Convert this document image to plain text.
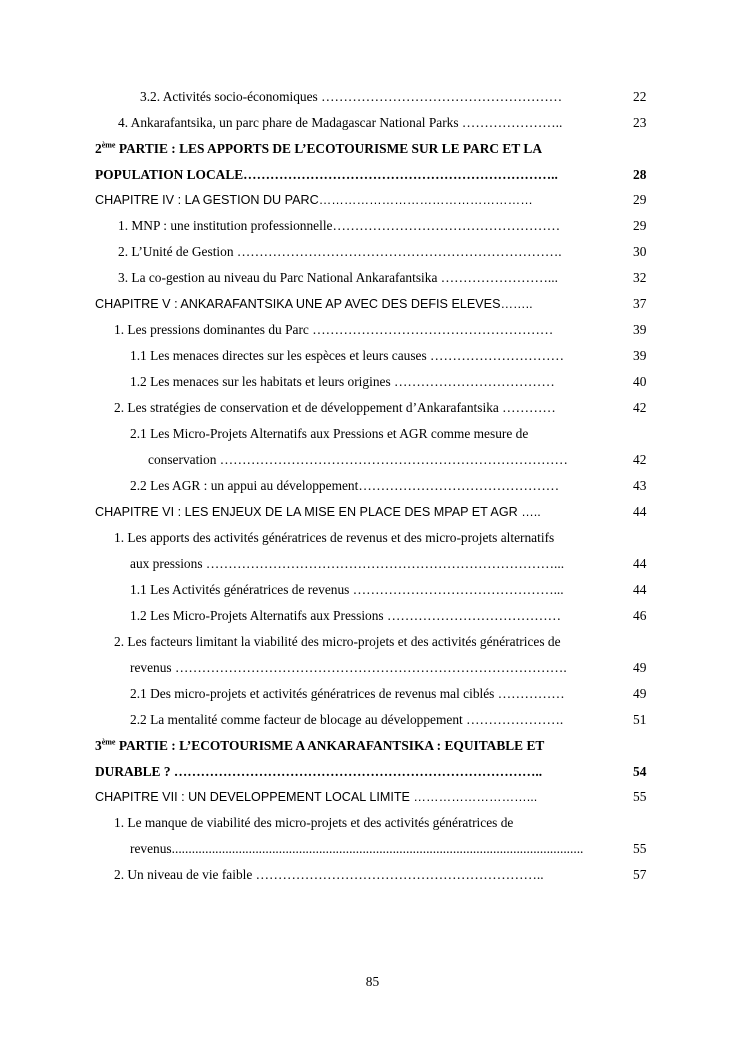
3.2. Activités socio-économiques ………………………………………………	22
4. Ankarafantsika, un parc phare de Madagascar National Parks …………………..	23
2ème PARTIE : LES APPORTS DE L’ECOTOURISME SUR LE PARC ET LA
POPULATION LOCALE……………………………………………………………..	28
CHAPITRE IV : LA GESTION DU PARC……………………………………………	29
1. MNP : une institution professionnelle……………………………………………	29
2. L’Unité de Gestion ……………………………………………………………….	30
3. La co-gestion au niveau du Parc National Ankarafantsika ……………………...	32
CHAPITRE V : ANKARAFANTSIKA UNE AP AVEC DES DEFIS ELEVES……..	37
1. Les pressions dominantes du Parc ………………………………………………	39
1.1 Les menaces directes sur les espèces et leurs causes …………………………	39
1.2 Les menaces sur les habitats et leurs origines ………………………………	40
2. Les stratégies de conservation et de développement d’Ankarafantsika …………	42
2.1 Les Micro-Projets Alternatifs aux Pressions et AGR comme mesure de
conservation ……………………………………………………………………	42
2.2 Les AGR : un appui au développement………………………………………	43
CHAPITRE VI : LES ENJEUX DE LA MISE EN PLACE DES MPAP ET AGR …..	44
1. Les apports des activités génératrices de revenus et des micro-projets alternatifs
aux pressions ……………………………………………………………………...	44
1.1 Les Activités génératrices de revenus ………………………………………...	44
1.2 Les Micro-Projets Alternatifs aux Pressions …………………………………	46
2. Les facteurs limitant la viabilité des micro-projets et des activités génératrices de
revenus …………………………………………………………………………….	49
2.1 Des micro-projets et activités génératrices de revenus mal ciblés ……………	49
2.2 La mentalité comme facteur de blocage au développement ………………….	51
3ème PARTIE : L’ECOTOURISME A ANKARAFANTSIKA : EQUITABLE ET
DURABLE ? ………………………………………………………………………..	54
CHAPITRE VII : UN DEVELOPPEMENT LOCAL LIMITE ………………………...	55
1. Le manque de viabilité des micro-projets et des activités génératrices de
revenus...........................................................................................................................	55
2. Un niveau de vie faible ………………………………………………………..	57
85
